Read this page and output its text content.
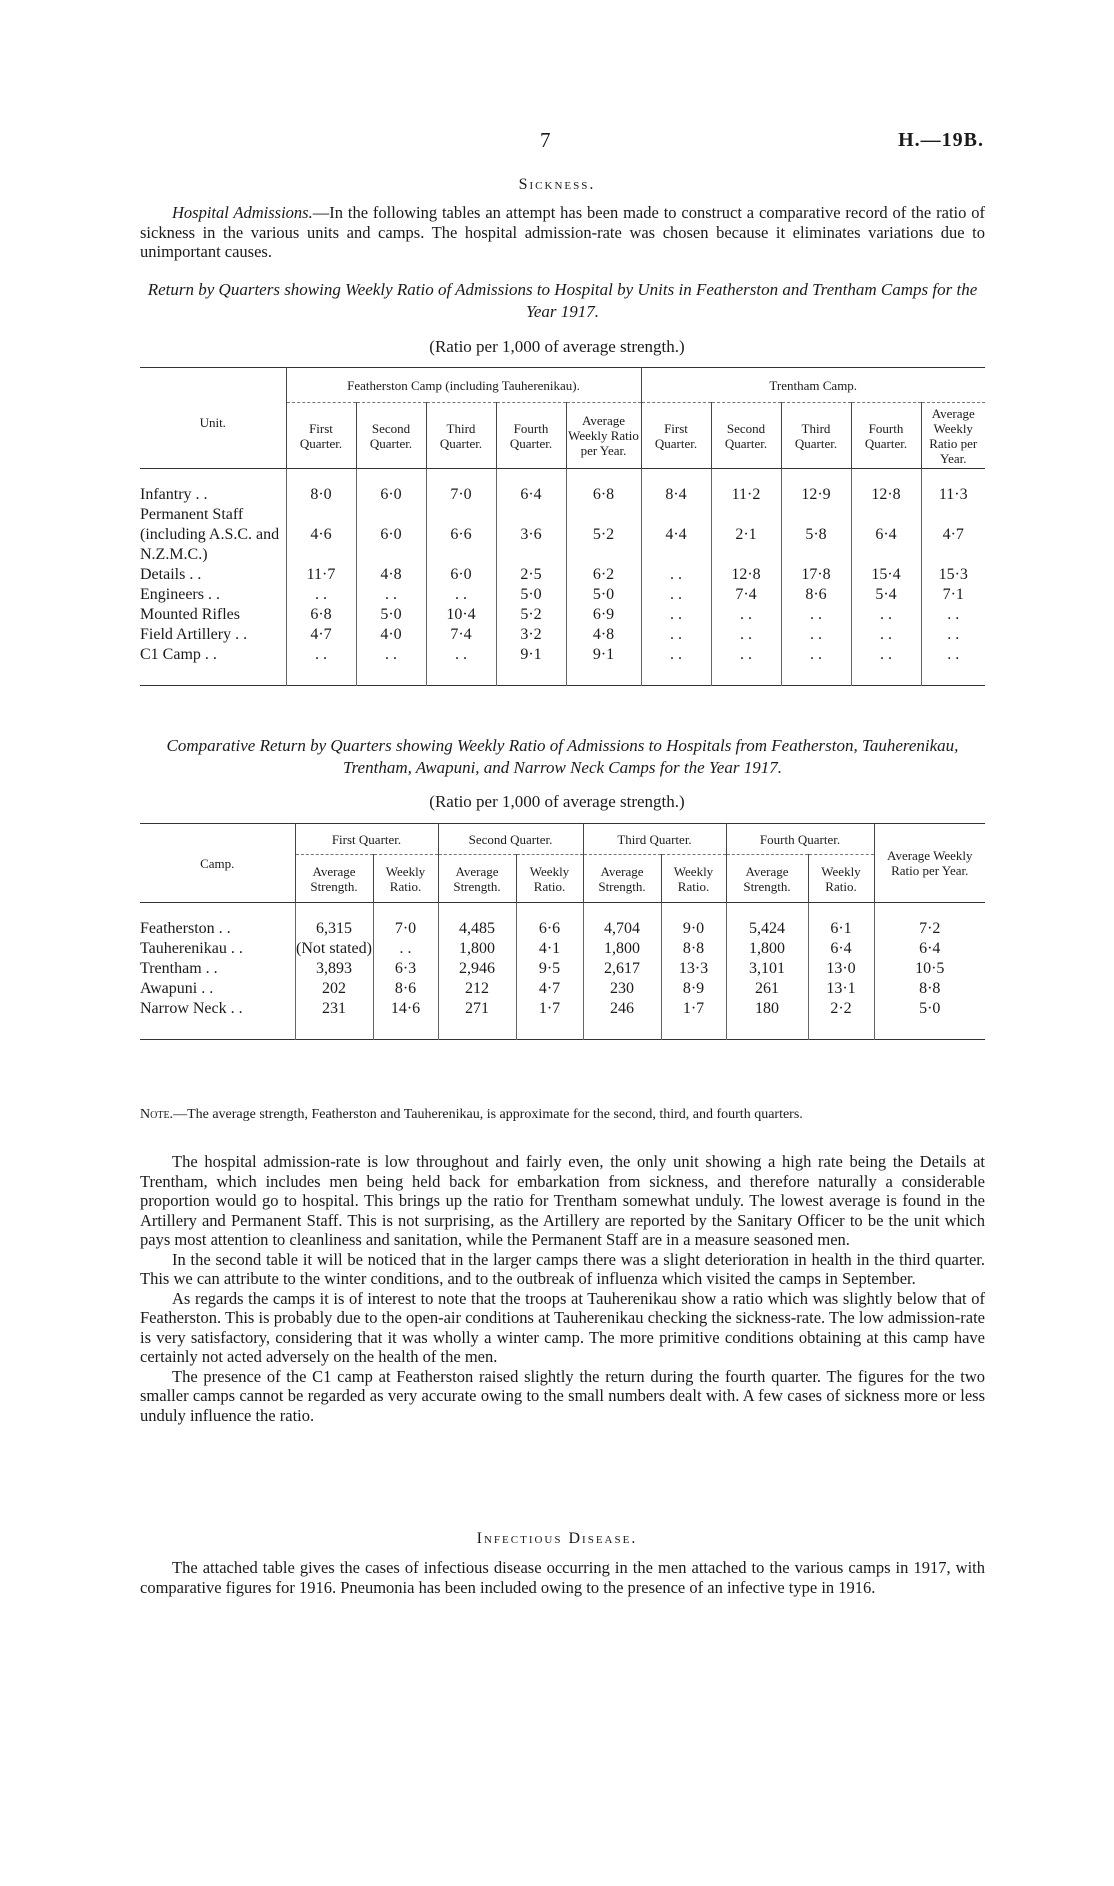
7	H.—19B.
Sickness.

Hospital Admissions.—In the following tables an attempt has been made to construct a comparative record of the ratio of sickness in the various units and camps. The hospital admission-rate was chosen because it eliminates variations due to unimportant causes.

Return by Quarters showing Weekly Ratio of Admissions to Hospital by Units in Featherston and Trentham Camps for the Year 1917.
(Ratio per 1,000 of average strength.)
Unit.	Featherston Camp (including Tauherenikau).					Trentham Camp.				
	First Quarter.	Second Quarter.	Third Quarter.	Fourth Quarter.	Average Weekly Ratio per Year.	First Quarter.	Second Quarter.	Third Quarter.	Fourth Quarter.	Average Weekly Ratio per Year.

Infantry . .	8·0	6·0	7·0	6·4	6·8	8·4	11·2	12·9	12·8	11·3
Permanent Staff (including A.S.C. and N.Z.M.C.)	4·6	6·0	6·6	3·6	5·2	4·4	2·1	5·8	6·4	4·7
Details . .	11·7	4·8	6·0	2·5	6·2	. .	12·8	17·8	15·4	15·3
Engineers . .	. .	. .	. .	5·0	5·0	. .	7·4	8·6	5·4	7·1
Mounted Rifles	6·8	5·0	10·4	5·2	6·9	. .	. .	. .	. .	. .
Field Artillery . .	4·7	4·0	7·4	3·2	4·8	. .	. .	. .	. .	. .
C1 Camp . .	. .	. .	. .	9·1	9·1	. .	. .	. .	. .	. .

Comparative Return by Quarters showing Weekly Ratio of Admissions to Hospitals from Featherston, Tauherenikau, Trentham, Awapuni, and Narrow Neck Camps for the Year 1917.
(Ratio per 1,000 of average strength.)
Camp.	First Quarter.		Second Quarter.		Third Quarter.		Fourth Quarter.		Average Weekly Ratio per Year.
	Average Strength.	Weekly Ratio.	Average Strength.	Weekly Ratio.	Average Strength.	Weekly Ratio.	Average Strength.	Weekly Ratio.	

Featherston . .	6,315	7·0	4,485	6·6	4,704	9·0	5,424	6·1	7·2
Tauherenikau . .	(Not stated)	. .	1,800	4·1	1,800	8·8	1,800	6·4	6·4
Trentham . .	3,893	6·3	2,946	9·5	2,617	13·3	3,101	13·0	10·5
Awapuni . .	202	8·6	212	4·7	230	8·9	261	13·1	8·8
Narrow Neck . .	231	14·6	271	1·7	246	1·7	180	2·2	5·0

Note.—The average strength, Featherston and Tauherenikau, is approximate for the second, third, and fourth quarters.

The hospital admission-rate is low throughout and fairly even, the only unit showing a high rate being the Details at Trentham, which includes men being held back for embarkation from sickness, and therefore naturally a considerable proportion would go to hospital. This brings up the ratio for Trentham somewhat unduly. The lowest average is found in the Artillery and Permanent Staff. This is not surprising, as the Artillery are reported by the Sanitary Officer to be the unit which pays most attention to cleanliness and sanitation, while the Permanent Staff are in a measure seasoned men.

In the second table it will be noticed that in the larger camps there was a slight deterioration in health in the third quarter. This we can attribute to the winter conditions, and to the outbreak of influenza which visited the camps in September.

As regards the camps it is of interest to note that the troops at Tauherenikau show a ratio which was slightly below that of Featherston. This is probably due to the open-air conditions at Tauherenikau checking the sickness-rate. The low admission-rate is very satisfactory, considering that it was wholly a winter camp. The more primitive conditions obtaining at this camp have certainly not acted adversely on the health of the men.

The presence of the C1 camp at Featherston raised slightly the return during the fourth quarter. The figures for the two smaller camps cannot be regarded as very accurate owing to the small numbers dealt with. A few cases of sickness more or less unduly influence the ratio.

Infectious Disease.

The attached table gives the cases of infectious disease occurring in the men attached to the various camps in 1917, with comparative figures for 1916. Pneumonia has been included owing to the presence of an infective type in 1916.
